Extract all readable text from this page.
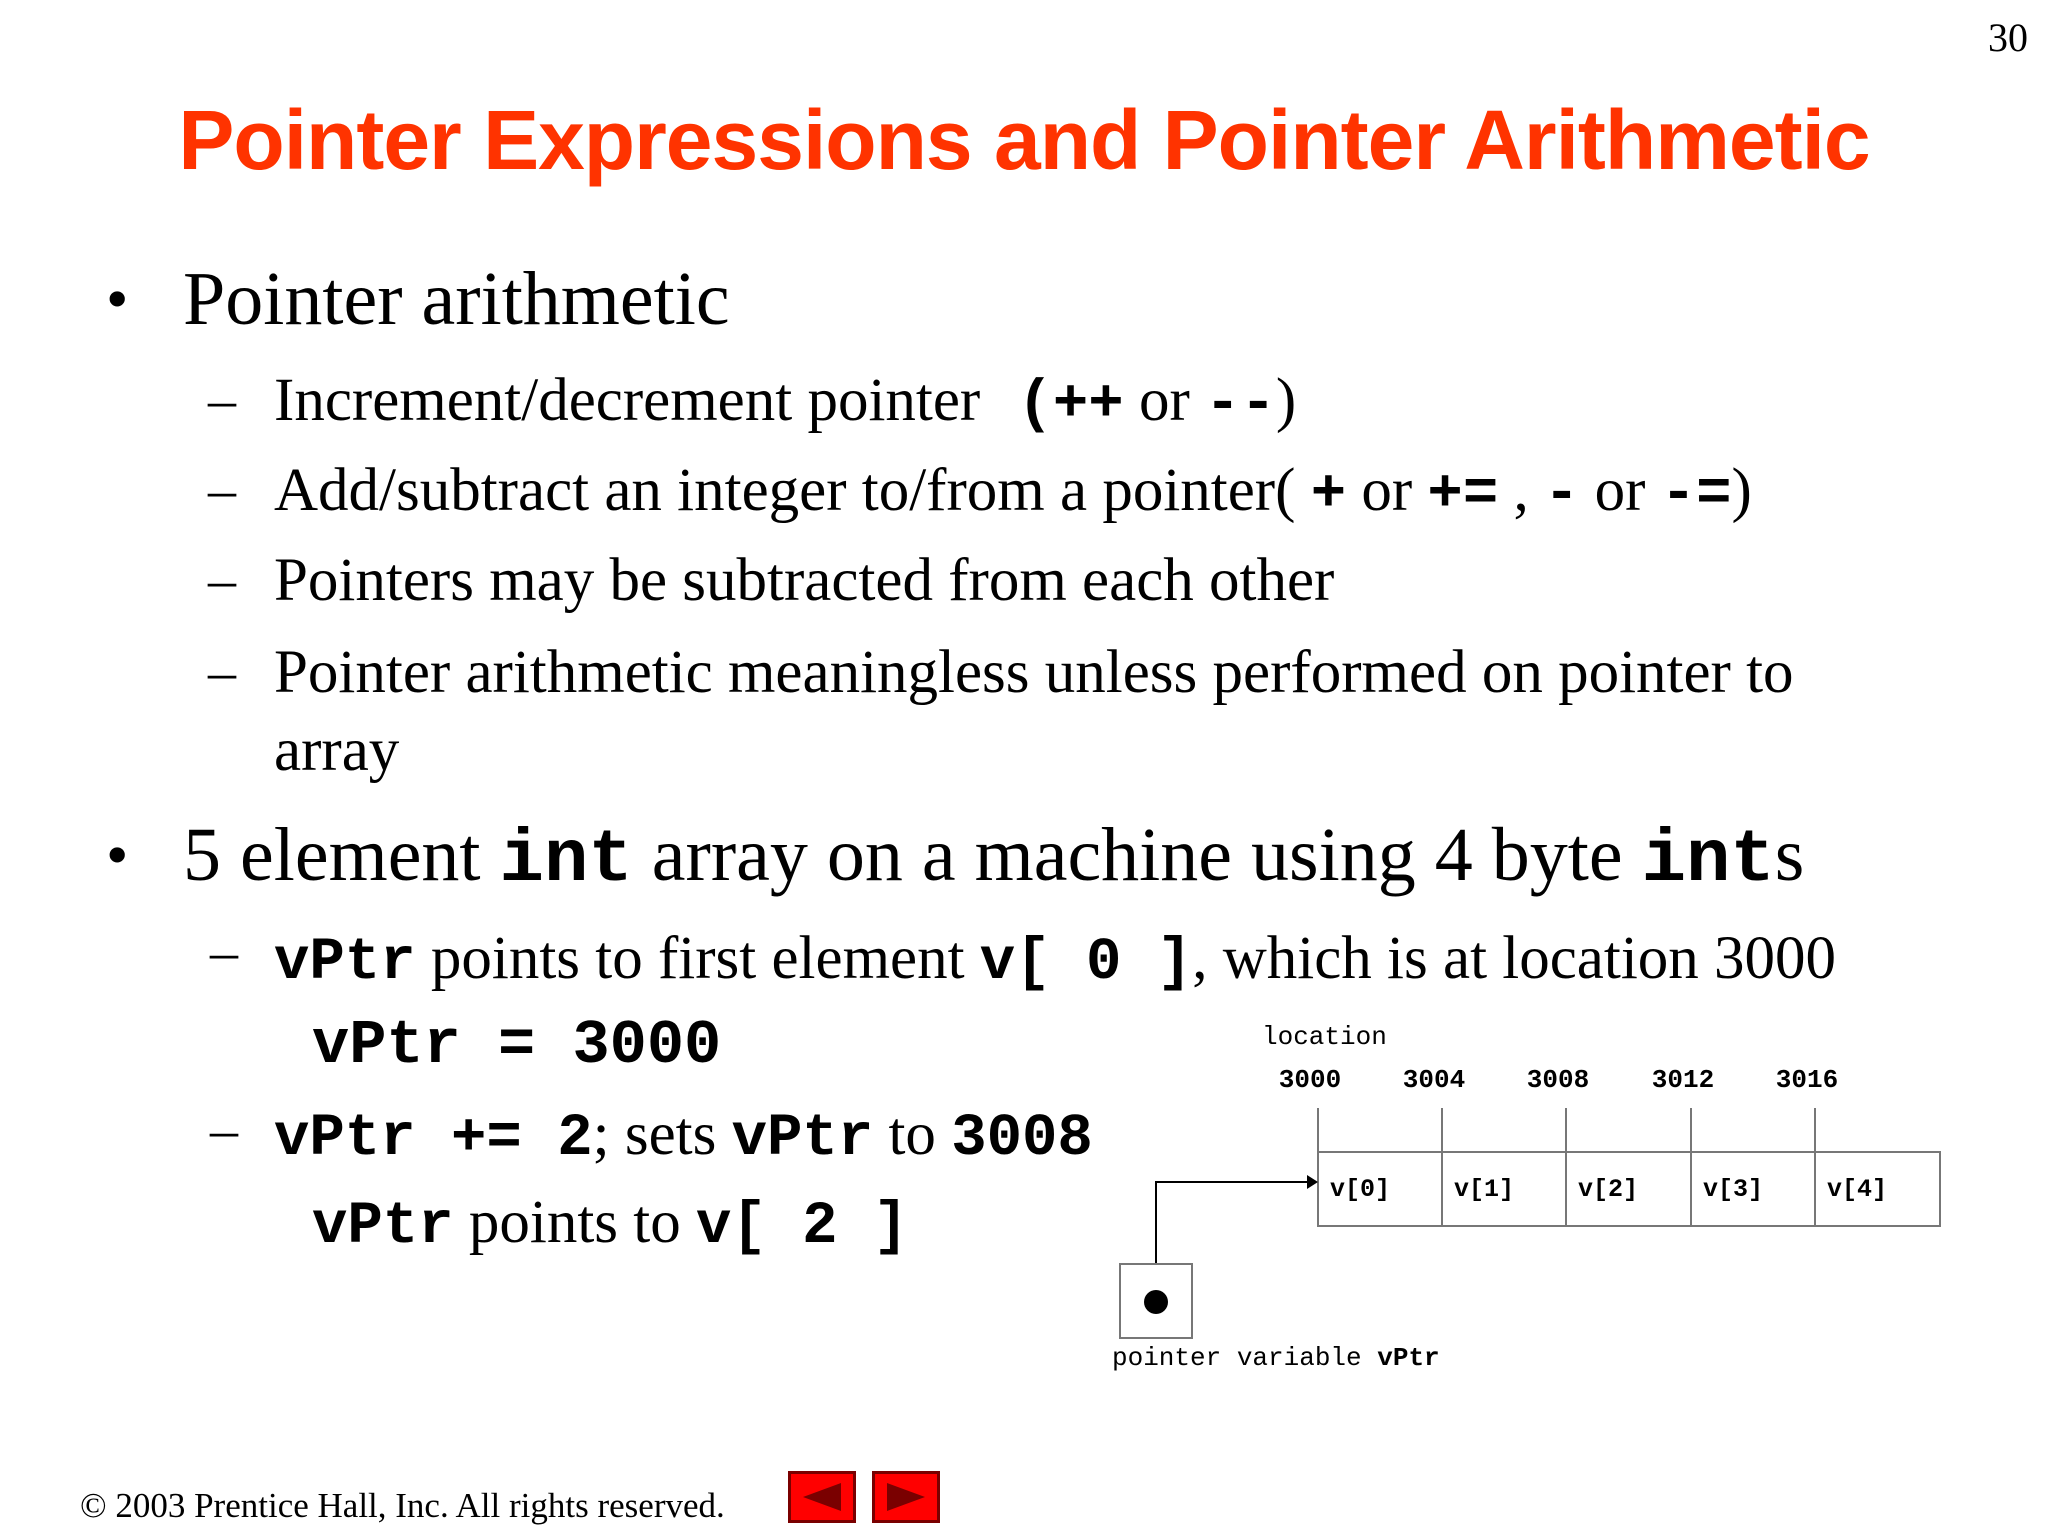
30
Pointer Expressions and Pointer Arithmetic
• Pointer arithmetic
– Increment/decrement pointer (++ or --)
– Add/subtract an integer to/from a pointer( + or += , - or -=)
– Pointers may be subtracted from each other
– Pointer arithmetic meaningless unless performed on pointer to
array
• 5 element int array on a machine using 4 byte ints
– vPtr points to first element v[ 0 ], which is at location 3000
vPtr = 3000
– vPtr += 2; sets vPtr to 3008
vPtr points to v[ 2 ]
location
3000 3004 3008 3012 3016
v[0]	v[1]	v[2]	v[3]	v[4]
pointer variable vPtr
© 2003 Prentice Hall, Inc. All rights reserved.
